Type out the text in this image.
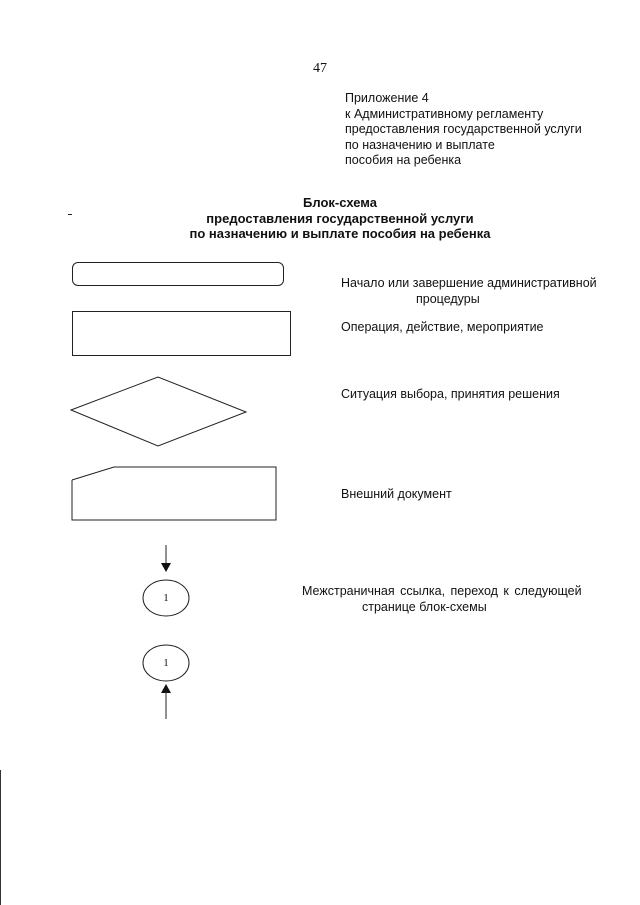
47
Приложение 4
к Административному регламенту
предоставления государственной услуги
по назначению и выплате
пособия на ребенка
Блок-схема
предоставления государственной услуги
по назначению и выплате пособия на ребенка
Начало или завершение административной
процедуры
Операция, действие, мероприятие
Ситуация выбора, принятия решения
Внешний документ
1
1
Межстраничная ссылка, переход к следующей
странице блок-схемы
